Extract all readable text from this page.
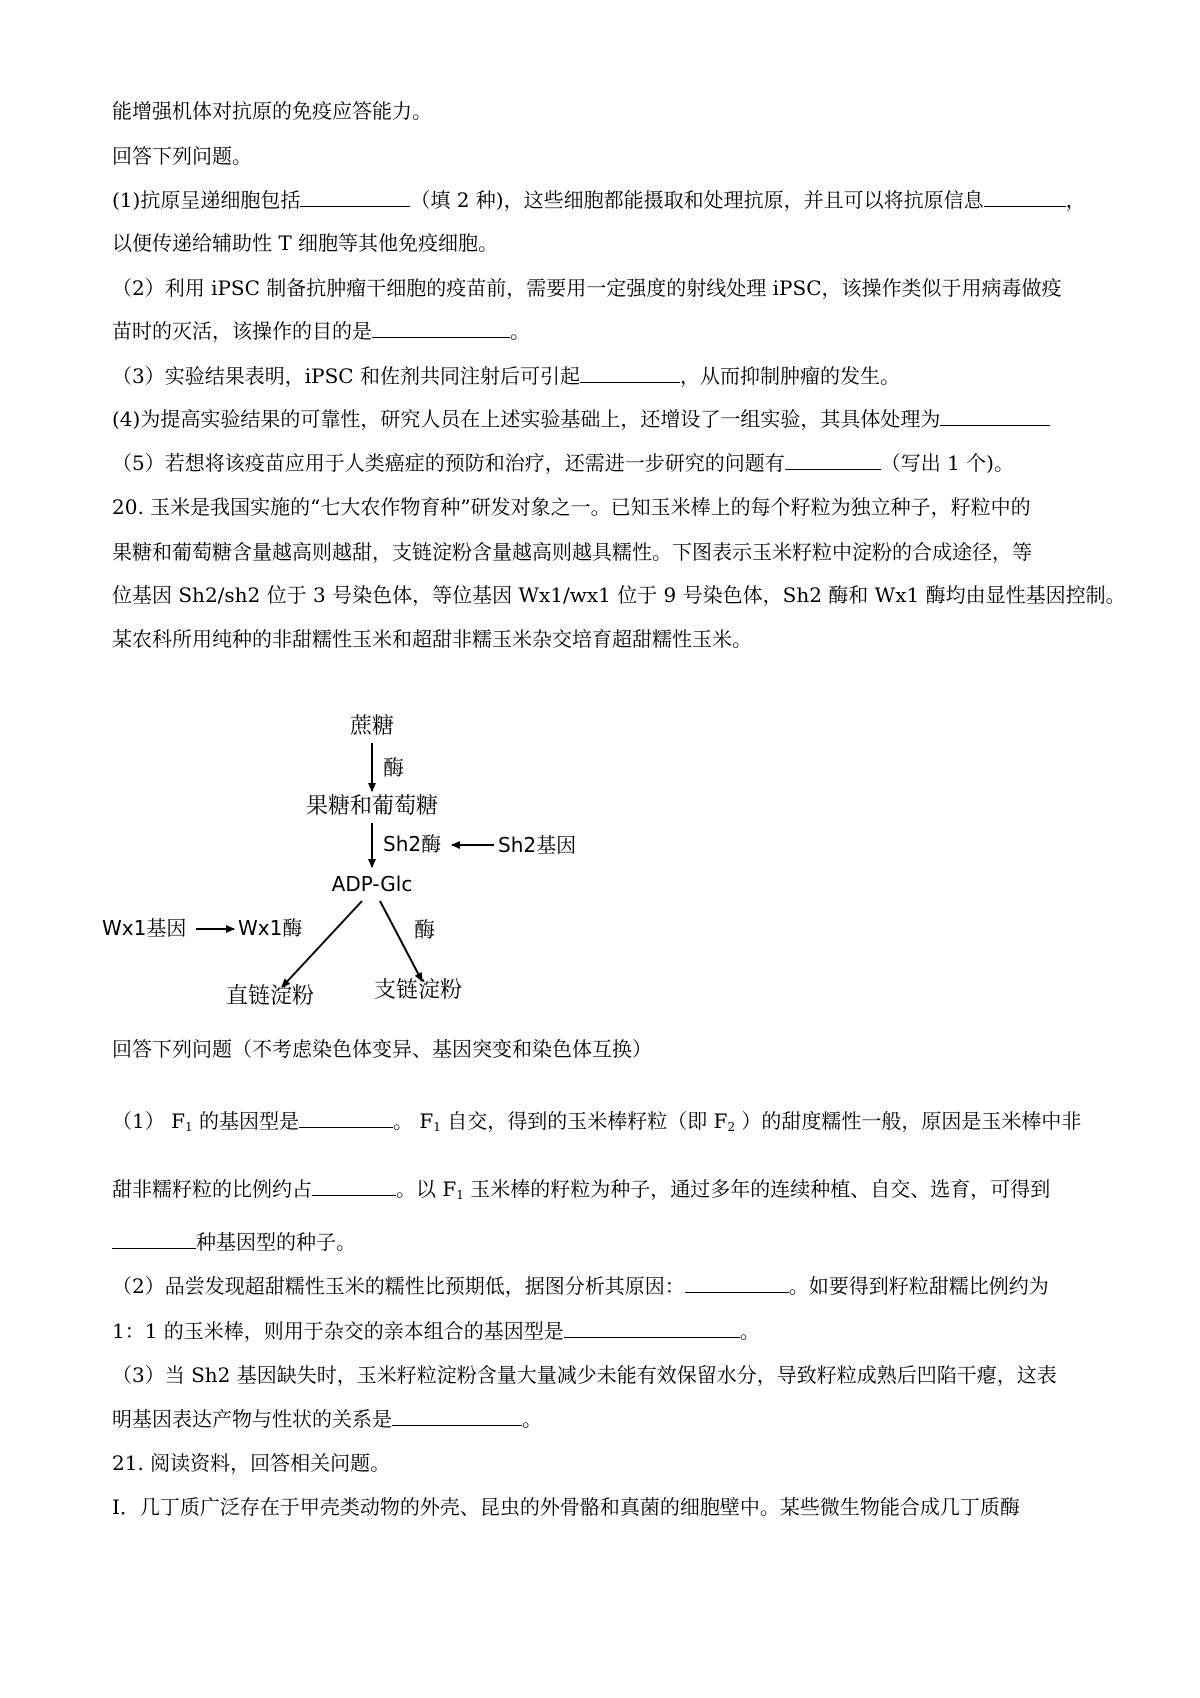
能增强机体对抗原的免疫应答能力。
回答下列问题。
(1)抗原呈递细胞包括	（填 2 种)，这些细胞都能摄取和处理抗原，并且可以将抗原信息	，
以便传递给辅助性 T 细胞等其他免疫细胞。
（2）利用 iPSC 制备抗肿瘤干细胞的疫苗前，需要用一定强度的射线处理 iPSC，该操作类似于用病毒做疫
苗时的灭活，该操作的目的是	。
（3）实验结果表明，iPSC 和佐剂共同注射后可引起	，从而抑制肿瘤的发生。
(4)为提高实验结果的可靠性，研究人员在上述实验基础上，还增设了一组实验，其具体处理为
（5）若想将该疫苗应用于人类癌症的预防和治疗，还需进一步研究的问题有	（写出 1 个)。
20. 玉米是我国实施的“七大农作物育种”研发对象之一。已知玉米棒上的每个籽粒为独立种子，籽粒中的
果糖和葡萄糖含量越高则越甜，支链淀粉含量越高则越具糯性。下图表示玉米籽粒中淀粉的合成途径，等
位基因 Sh2/sh2 位于 3 号染色体，等位基因 Wx1/wx1 位于 9 号染色体，Sh2 酶和 Wx1 酶均由显性基因控制。
某农科所用纯种的非甜糯性玉米和超甜非糯玉米杂交培育超甜糯性玉米。
蔗糖
酶
果糖和葡萄糖
Sh2酶	Sh2基因
ADP-Glc
Wx1基因	Wx1酶	酶
直链淀粉	支链淀粉
回答下列问题（不考虑染色体变异、基因突变和染色体互换）
（1） $F_1$ 的基因型是	。 $F_1$ 自交，得到的玉米棒籽粒（即 $F_2$ ）的甜度糯性一般，原因是玉米棒中非
甜非糯籽粒的比例约占	。以 $F_1$ 玉米棒的籽粒为种子，通过多年的连续种植、自交、选育，可得到
种基因型的种子。
（2）品尝发现超甜糯性玉米的糯性比预期低，据图分析其原因：	。如要得到籽粒甜糯比例约为
1：1 的玉米棒，则用于杂交的亲本组合的基因型是	。
（3）当 Sh2 基因缺失时，玉米籽粒淀粉含量大量减少未能有效保留水分，导致籽粒成熟后凹陷干瘪，这表
明基因表达产物与性状的关系是	。
21. 阅读资料，回答相关问题。
Ⅰ．几丁质广泛存在于甲壳类动物的外壳、昆虫的外骨骼和真菌的细胞壁中。某些微生物能合成几丁质酶
